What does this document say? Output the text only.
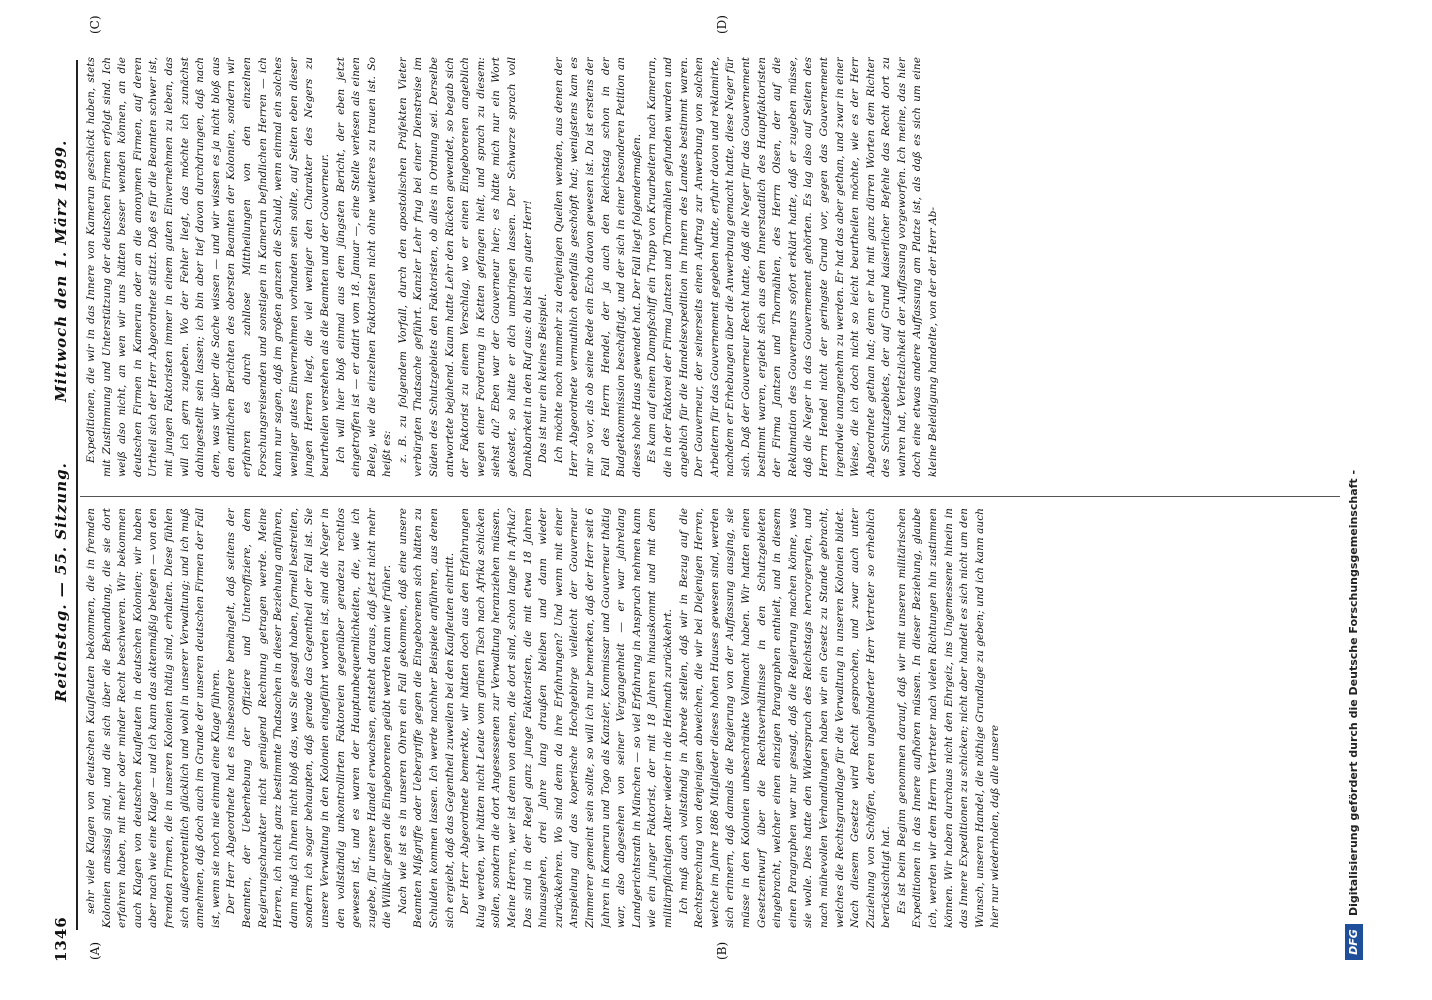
1346
Reichstag. — 55. Sitzung.
Mittwoch den 1. März 1899.
(A)	(B)
(C)	(D)

sehr viele Klagen von deutschen Kaufleuten bekommen, die in fremden Kolonien ansässig sind, und die sich über die Behandlung, die sie dort erfahren haben, mit mehr oder minder Recht beschweren. Wir bekommen auch Klagen von deutschen Kaufleuten in deutschen Kolonien; wir haben aber nach wie eine Klage — und ich kann das aktenmäßig belegen — von den fremden Firmen, die in unseren Kolonien thätig sind, erhalten. Diese fühlen sich außerordentlich glücklich und wohl in unserer Verwaltung; und ich muß annehmen, daß doch auch im Grunde der unseren deutschen Firmen der Fall ist, wenn sie noch nie einmal eine Klage führen. Der Herr Abgeordnete hat es insbesondere bemängelt, daß seitens der Beamten, der Ueberhebung der Offiziere und Unteroffiziere, dem Regierungscharakter nicht genügend Rechnung getragen werde. Meine Herren, ich nicht ganz bestimmte Thatsachen in dieser Beziehung anführen, dann muß ich Ihnen nicht bloß das, was Sie gesagt haben, formell bestreiten, sondern ich sogar behaupten, daß gerade das Gegentheil der Fall ist. Sie unsere Verwaltung in den Kolonien eingeführt worden ist, sind die Neger in den vollständig unkontrollirten Faktoreien gegenüber geradezu rechtlos gewesen ist, und es waren der Hauptunbequemlichkeiten, die, wie ich zugebe, für unsere Handel erwachsen, entsteht daraus, daß jetzt nicht mehr die Willkür gegen die Eingeborenen geübt werden kann wie früher. Nach wie ist es in unseren Ohren ein Fall gekommen, daß eine unsere Beamten Mißgriffe oder Uebergriffe gegen die Eingeborenen sich hätten zu Schulden kommen lassen. Ich werde nachher Beispiele anführen, aus denen sich ergiebt, daß das Gegentheil zuweilen bei den Kaufleuten eintritt. Der Herr Abgeordnete bemerkte, wir hätten doch aus den Erfahrungen klug werden, wir hätten nicht Leute vom grünen Tisch nach Afrika schicken sollen, sondern die dort Angesessenen zur Verwaltung heranziehen müssen. Meine Herren, wer ist denn von denen, die dort sind, schon lange in Afrika? Das sind in der Regel ganz junge Faktoristen, die mit etwa 18 Jahren hinausgehen, drei Jahre lang draußen bleiben und dann wieder zurückkehren. Wo sind denn da ihre Erfahrungen? Und wenn mit einer Anspielung auf das koperische Hochgebirge vielleicht der Gouverneur Zimmerer gemeint sein sollte, so will ich nur bemerken, daß der Herr seit 6 Jahren in Kamerun und Togo als Kanzler, Kommissar und Gouverneur thätig war, also abgesehen von seiner Vergangenheit — er war jahrelang Landgerichtsrath in München — so viel Erfahrung in Anspruch nehmen kann wie ein junger Faktorist, der mit 18 Jahren hinauskommt und mit dem militärpflichtigen Alter wieder in die Heimath zurückkehrt. Ich muß auch vollständig in Abrede stellen, daß wir in Bezug auf die Rechtsprechung von denjenigen abweichen, die wir bei Diejenigen Herren, welche im Jahre 1886 Mitglieder dieses hohen Hauses gewesen sind, werden sich erinnern, daß damals die Regierung von der Auffassung ausging, sie müsse in den Kolonien unbeschränkte Vollmacht haben. Wir hatten einen Gesetzentwurf über die Rechtsverhältnisse in den Schutzgebieten eingebracht, welcher einen einzigen Paragraphen enthielt, und in diesem einen Paragraphen war nur gesagt, daß die Regierung machen könne, was sie wolle. Dies hatte den Widerspruch des Reichstags hervorgerufen, und nach mühevollen Verhandlungen haben wir ein Gesetz zu Stande gebracht, welches die Rechtsgrundlage für die Verwaltung in unseren Kolonien bildet. Nach diesem Gesetze wird Recht gesprochen, und zwar auch unter Zuziehung von Schöffen, deren ungehinderter Herr Vertreter so erheblich berücksichtigt hat. Es ist beim Beginn genommen darauf, daß wir mit unseren militärischen Expeditionen in das Innere aufhören müssen. In dieser Beziehung, glaube ich, werden wir dem Herrn Vertreter nach vielen Richtungen hin zustimmen können. Wir haben durchaus nicht den Ehrgeiz, ins Ungemessene hinein in das Innere Expeditionen zu schicken; nicht aber handelt es sich nicht um den Wunsch, unseren Handel, die nöthige Grundlage zu geben; und ich kann auch hier nur wiederholen, daß alle unsere

Expeditionen, die wir in das Innere von Kamerun geschickt haben, stets mit Zustimmung und Unterstützung der deutschen Firmen erfolgt sind. Ich weiß also nicht, an wen wir uns hätten besser wenden können, an die deutschen Firmen in Kamerun oder an die anonymen Firmen, auf deren Urtheil sich der Herr Abgeordnete stützt. Daß es für die Beamten schwer ist, mit jungen Faktoristen immer in einem guten Einvernehmen zu leben, das will ich gern zugeben. Wo der Fehler liegt, das möchte ich zunächst dahingestellt sein lassen; ich bin aber tief davon durchdrungen, daß nach dem, was wir über die Sache wissen — und wir wissen es ja nicht bloß aus den amtlichen Berichten des obersten Beamten der Kolonien, sondern wir erfahren es durch zahllose Mittheilungen von den einzelnen Forschungsreisenden und sonstigen in Kamerun befindlichen Herren — ich kann nur sagen, daß im großen ganzen die Schuld, wenn einmal ein solches weniger gutes Einvernehmen vorhanden sein sollte, auf Seiten eben dieser jungen Herren liegt, die viel weniger den Charakter des Negers zu beurtheilen verstehen als die Beamten und der Gouverneur. Ich will hier bloß einmal aus dem jüngsten Bericht, der eben jetzt eingetroffen ist — er datirt vom 18. Januar —, eine Stelle verlesen als einen Beleg, wie die einzelnen Faktoristen nicht ohne weiteres zu trauen ist. So heißt es: z. B. zu folgendem Vorfall, durch den apostolischen Präfekten Vieter verbürgten Thatsache geführt. Kanzler Lehr frug bei einer Dienstreise im Süden des Schutzgebiets den Faktoristen, ob alles in Ordnung sei. Derselbe antwortete bejahend. Kaum hatte Lehr den Rücken gewendet, so begab sich der Faktorist zu einem Verschlag, wo er einen Eingeborenen angeblich wegen einer Forderung in Ketten gefangen hielt, und sprach zu diesem: siehst du? Eben war der Gouverneur hier; es hätte mich nur ein Wort gekostet, so hätte er dich umbringen lassen. Der Schwarze sprach voll Dankbarkeit in den Ruf aus: du bist ein guter Herr! Das ist nur ein kleines Beispiel. Ich möchte noch nunmehr zu denjenigen Quellen wenden, aus denen der Herr Abgeordnete vermuthlich ebenfalls geschöpft hat; wenigstens kam es mir so vor, als ob seine Rede ein Echo davon gewesen ist. Da ist erstens der Fall des Herrn Hendel, der ja auch den Reichstag schon in der Budgetkommission beschäftigt, und der sich in einer besonderen Petition an dieses hohe Haus gewendet hat. Der Fall liegt folgendermaßen. Es kam auf einem Dampfschiff ein Trupp von Kruarbeitern nach Kamerun, die in der Faktorei der Firma Jantzen und Thormählen gefunden wurden und angeblich für die Handelsexpedition im Innern des Landes bestimmt waren. Der Gouverneur, der seinerseits einen Auftrag zur Anwerbung von solchen Arbeitern für das Gouvernement gegeben hatte, erfuhr davon und reklamirte, nachdem er Erhebungen über die Anwerbung gemacht hatte, diese Neger für sich. Daß der Gouverneur Recht hatte, daß die Neger für das Gouvernement bestimmt waren, ergiebt sich aus dem Innerstaatlich des Hauptfaktoristen der Firma Jantzen und Thormählen, des Herrn Olsen, der auf die Reklamation des Gouverneurs sofort erklärt hatte, daß er zugeben müsse, daß die Neger in das Gouvernement gehörten. Es lag also auf Seiten des Herrn Hendel nicht der geringste Grund vor, gegen das Gouvernement irgendwie unangenehm zu werden. Er hat das aber gethan, und zwar in einer Weise, die ich doch nicht so leicht beurtheilen möchte, wie es der Herr Abgeordnete gethan hat; denn er hat mit ganz dürren Worten dem Richter des Schutzgebiets, der auf Grund kaiserlicher Befehle das Recht dort zu wahren hat, Verletzlichkeit der Auffassung vorgeworfen. Ich meine, das hier doch eine etwas andere Auffassung am Platze ist, als daß es sich um eine kleine Beleidigung handelte, von der der Herr Ab-

DFG
Digitalisierung gefördert durch die Deutsche Forschungsgemeinschaft -
